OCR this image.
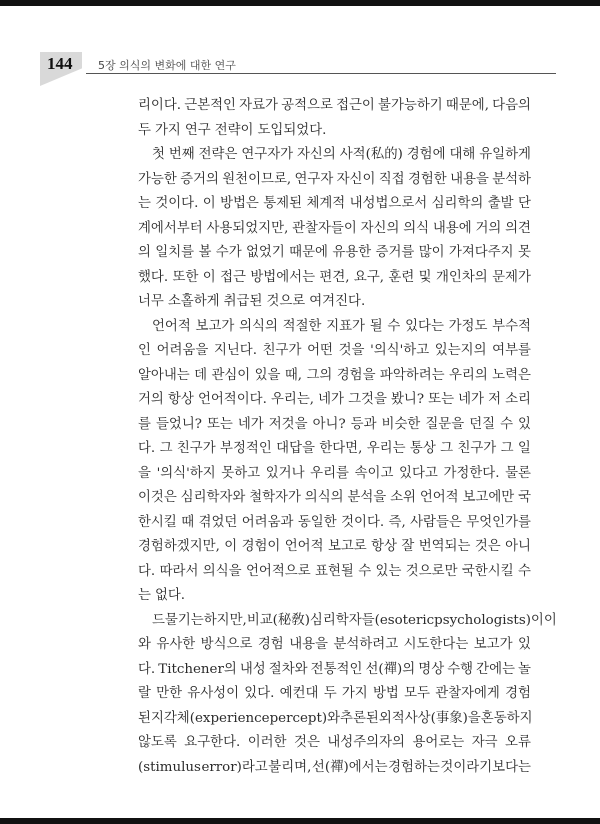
144 5장 의식의 변화에 대한 연구
리이다. 근본적인 자료가 공적으로 접근이 불가능하기 때문에, 다음의
두 가지 연구 전략이 도입되었다.
첫 번째 전략은 연구자가 자신의 사적(私的) 경험에 대해 유일하게
가능한 증거의 원천이므로, 연구자 자신이 직접 경험한 내용을 분석하
는 것이다. 이 방법은 통제된 체계적 내성법으로서 심리학의 출발 단
계에서부터 사용되었지만, 관찰자들이 자신의 의식 내용에 거의 의견
의 일치를 볼 수가 없었기 때문에 유용한 증거를 많이 가져다주지 못
했다. 또한 이 접근 방법에서는 편견, 요구, 훈련 및 개인차의 문제가
너무 소홀하게 취급된 것으로 여겨진다.
언어적 보고가 의식의 적절한 지표가 될 수 있다는 가정도 부수적
인 어려움을 지닌다. 친구가 어떤 것을 '의식'하고 있는지의 여부를
알아내는 데 관심이 있을 때, 그의 경험을 파악하려는 우리의 노력은
거의 항상 언어적이다. 우리는, 네가 그것을 봤니? 또는 네가 저 소리
를 들었니? 또는 네가 저것을 아니? 등과 비슷한 질문을 던질 수 있
다. 그 친구가 부정적인 대답을 한다면, 우리는 통상 그 친구가 그 일
을 '의식'하지 못하고 있거나 우리를 속이고 있다고 가정한다. 물론
이것은 심리학자와 철학자가 의식의 분석을 소위 언어적 보고에만 국
한시킬 때 겪었던 어려움과 동일한 것이다. 즉, 사람들은 무엇인가를
경험하겠지만, 이 경험이 언어적 보고로 항상 잘 번역되는 것은 아니
다. 따라서 의식을 언어적으로 표현될 수 있는 것으로만 국한시킬 수
는 없다.
드물기는 하지만, 비교(秘敎) 심리학자들(esoteric psychologists)이 이
와 유사한 방식으로 경험 내용을 분석하려고 시도한다는 보고가 있
다. Titchener의 내성 절차와 전통적인 선(禪)의 명상 수행 간에는 놀
랄 만한 유사성이 있다. 예컨대 두 가지 방법 모두 관찰자에게 경험
된 지각체(experience percept)와 추론된 외적 사상(事象)을 혼동하지
않도록 요구한다. 이러한 것은 내성주의자의 용어로는 자극 오류
(stimulus error)라고 불리며, 선(禪)에서는 경험하는 것이라기보다는
